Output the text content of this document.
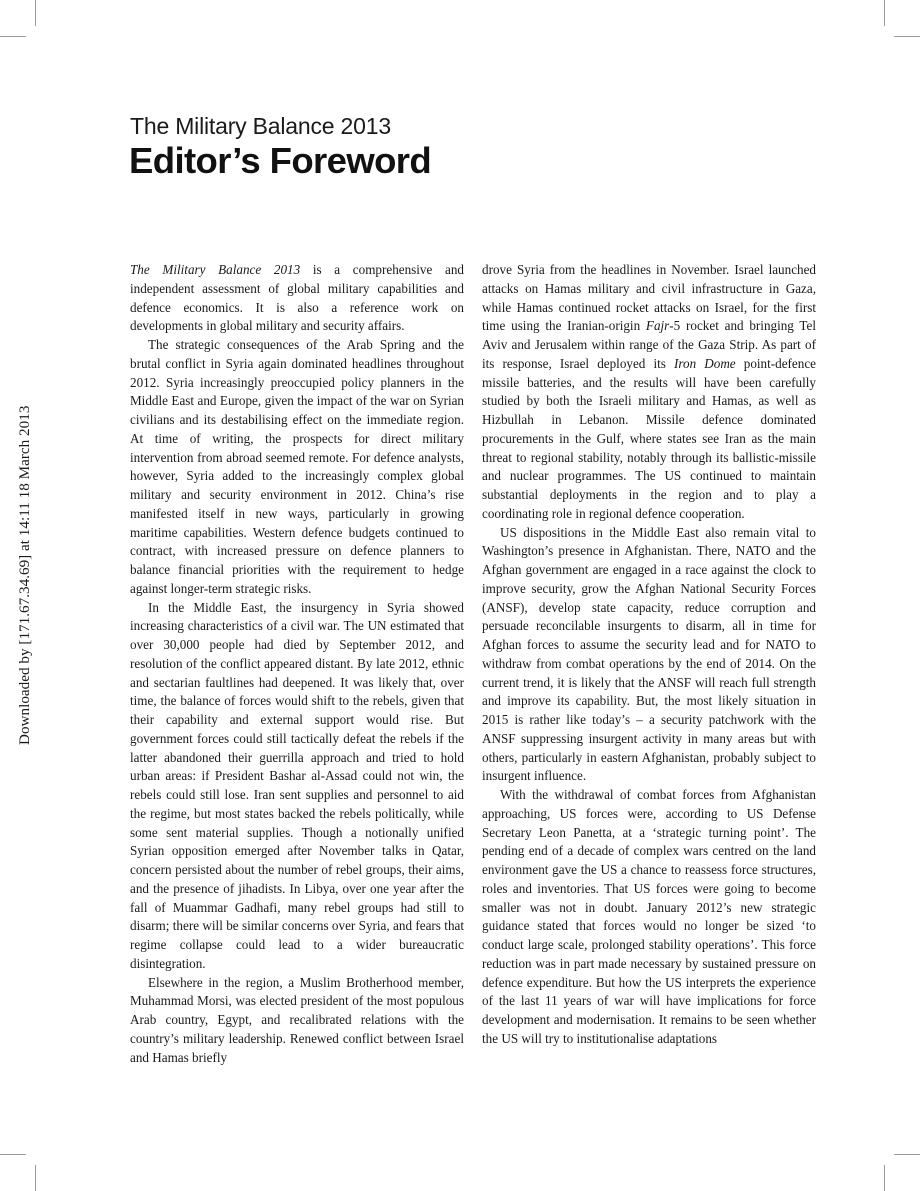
Downloaded by [171.67.34.69] at 14:11 18 March 2013
The Military Balance 2013
Editor’s Foreword

The Military Balance 2013 is a comprehensive and independent assessment of global military capabilities and defence economics. It is also a reference work on developments in global military and security affairs.

The strategic consequences of the Arab Spring and the brutal conflict in Syria again dominated headlines throughout 2012. Syria increasingly preoccupied policy planners in the Middle East and Europe, given the impact of the war on Syrian civilians and its destabilising effect on the immediate region. At time of writing, the prospects for direct military intervention from abroad seemed remote. For defence analysts, however, Syria added to the increasingly complex global military and security environment in 2012. China’s rise manifested itself in new ways, particularly in growing maritime capabilities. Western defence budgets continued to contract, with increased pressure on defence planners to balance financial priorities with the requirement to hedge against longer-term strategic risks.

In the Middle East, the insurgency in Syria showed increasing characteristics of a civil war. The UN estimated that over 30,000 people had died by September 2012, and resolution of the conflict appeared distant. By late 2012, ethnic and sectarian faultlines had deepened. It was likely that, over time, the balance of forces would shift to the rebels, given that their capability and external support would rise. But government forces could still tactically defeat the rebels if the latter abandoned their guerrilla approach and tried to hold urban areas: if President Bashar al-Assad could not win, the rebels could still lose. Iran sent supplies and personnel to aid the regime, but most states backed the rebels politically, while some sent material supplies. Though a notionally unified Syrian opposition emerged after November talks in Qatar, concern persisted about the number of rebel groups, their aims, and the presence of jihadists. In Libya, over one year after the fall of Muammar Gadhafi, many rebel groups had still to disarm; there will be similar concerns over Syria, and fears that regime collapse could lead to a wider bureaucratic disintegration.

Elsewhere in the region, a Muslim Brotherhood member, Muhammad Morsi, was elected president of the most populous Arab country, Egypt, and recalibrated relations with the country’s military leadership. Renewed conflict between Israel and Hamas briefly

drove Syria from the headlines in November. Israel launched attacks on Hamas military and civil infrastructure in Gaza, while Hamas continued rocket attacks on Israel, for the first time using the Iranian-origin Fajr-5 rocket and bringing Tel Aviv and Jerusalem within range of the Gaza Strip. As part of its response, Israel deployed its Iron Dome point-defence missile batteries, and the results will have been carefully studied by both the Israeli military and Hamas, as well as Hizbullah in Lebanon. Missile defence dominated procurements in the Gulf, where states see Iran as the main threat to regional stability, notably through its ballistic-missile and nuclear programmes. The US continued to maintain substantial deployments in the region and to play a coordinating role in regional defence cooperation.

US dispositions in the Middle East also remain vital to Washington’s presence in Afghanistan. There, NATO and the Afghan government are engaged in a race against the clock to improve security, grow the Afghan National Security Forces (ANSF), develop state capacity, reduce corruption and persuade reconcilable insurgents to disarm, all in time for Afghan forces to assume the security lead and for NATO to withdraw from combat operations by the end of 2014. On the current trend, it is likely that the ANSF will reach full strength and improve its capability. But, the most likely situation in 2015 is rather like today’s – a security patchwork with the ANSF suppressing insurgent activity in many areas but with others, particularly in eastern Afghanistan, probably subject to insurgent influence.

With the withdrawal of combat forces from Afghanistan approaching, US forces were, according to US Defense Secretary Leon Panetta, at a ‘strategic turning point’. The pending end of a decade of complex wars centred on the land environment gave the US a chance to reassess force structures, roles and inventories. That US forces were going to become smaller was not in doubt. January 2012’s new strategic guidance stated that forces would no longer be sized ‘to conduct large scale, prolonged stability operations’. This force reduction was in part made necessary by sustained pressure on defence expenditure. But how the US interprets the experience of the last 11 years of war will have implications for force development and modernisation. It remains to be seen whether the US will try to institutionalise adaptations
